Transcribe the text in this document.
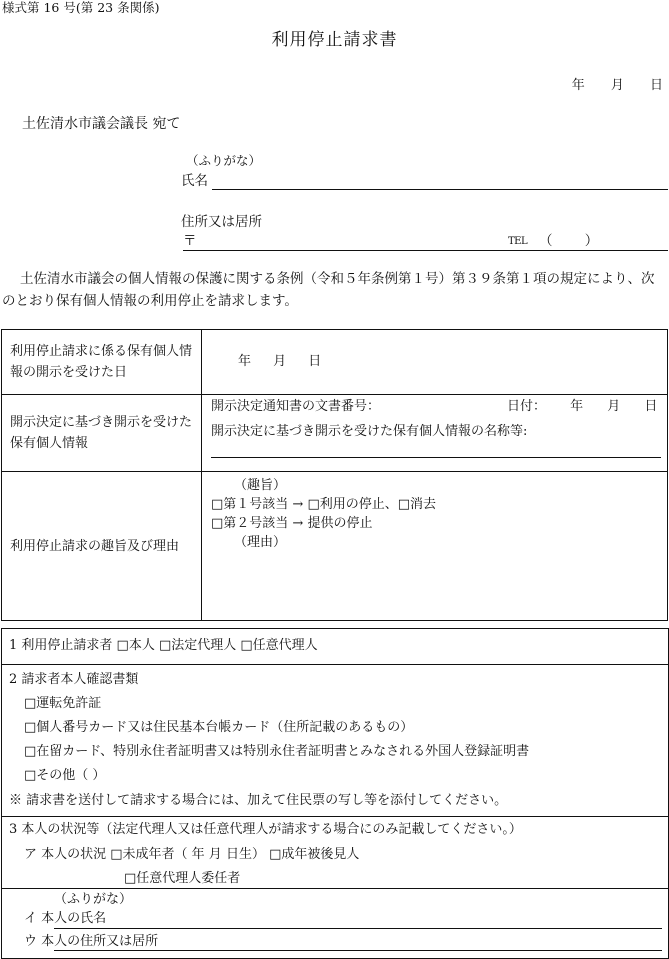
様式第 16 号(第 23 条関係)
利用停止請求書
年 月 日
土佐清水市議会議長 宛て
（ふりがな）
氏名
住所又は居所
〒	TEL （ ）
土佐清水市議会の個人情報の保護に関する条例（令和５年条例第１号）第３９条第１項の規定により、次のとおり保有個人情報の利用停止を請求します。
利用停止請求に係る保有個人情報の開示を受けた日	年 月 日
開示決定に基づき開示を受けた保有個人情報	開示決定通知書の文書番号： 日付： 年 月 日
開示決定に基づき開示を受けた保有個人情報の名称等:

利用停止請求の趣旨及び理由	（趣旨）
□第１号該当 → □利用の停止、□消去
□第２号該当 → 提供の停止
（理由）
1 利用停止請求者 □本人 □法定代理人 □任意代理人
2 請求者本人確認書類
□運転免許証
□個人番号カード又は住民基本台帳カード（住所記載のあるもの）
□在留カード、特別永住者証明書又は特別永住者証明書とみなされる外国人登録証明書
□その他（ ）
※ 請求書を送付して請求する場合には、加えて住民票の写し等を添付してください。
3 本人の状況等（法定代理人又は任意代理人が請求する場合にのみ記載してください。）
ア 本人の状況 □未成年者（ 年 月 日生） □成年被後見人
□任意代理人委任者
（ふりがな）
イ 本人の氏名
ウ 本人の住所又は居所
